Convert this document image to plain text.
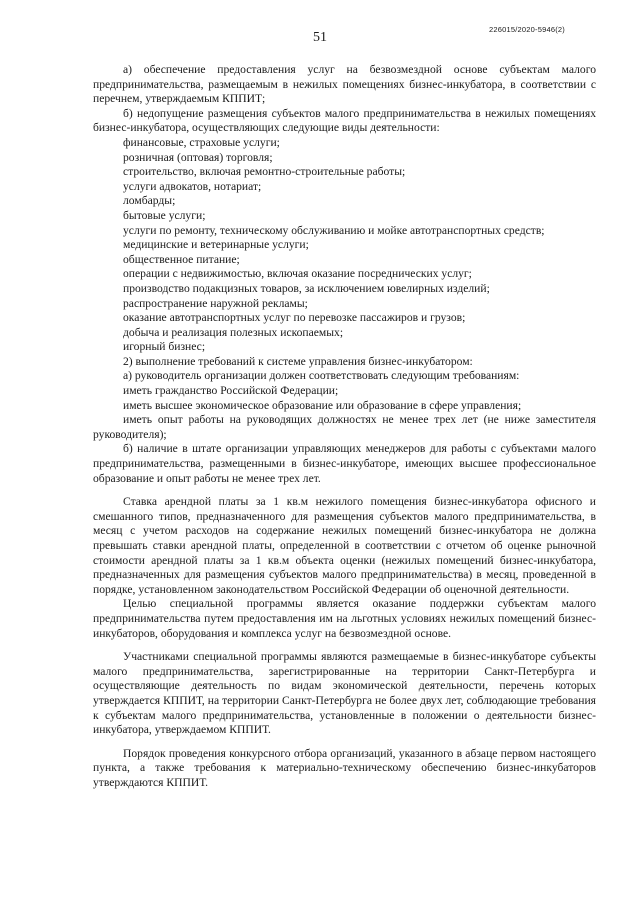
51
226015/2020-5946(2)

а) обеспечение предоставления услуг на безвозмездной основе субъектам малого предпринимательства, размещаемым в нежилых помещениях бизнес-инкубатора, в соответствии с перечнем, утверждаемым КППИТ;

б) недопущение размещения субъектов малого предпринимательства в нежилых помещениях бизнес-инкубатора, осуществляющих следующие виды деятельности:

финансовые, страховые услуги;

розничная (оптовая) торговля;

строительство, включая ремонтно-строительные работы;

услуги адвокатов, нотариат;

ломбарды;

бытовые услуги;

услуги по ремонту, техническому обслуживанию и мойке автотранспортных средств;

медицинские и ветеринарные услуги;

общественное питание;

операции с недвижимостью, включая оказание посреднических услуг;

производство подакцизных товаров, за исключением ювелирных изделий;

распространение наружной рекламы;

оказание автотранспортных услуг по перевозке пассажиров и грузов;

добыча и реализация полезных ископаемых;

игорный бизнес;

2) выполнение требований к системе управления бизнес-инкубатором:

а) руководитель организации должен соответствовать следующим требованиям:

иметь гражданство Российской Федерации;

иметь высшее экономическое образование или образование в сфере управления;

иметь опыт работы на руководящих должностях не менее трех лет (не ниже заместителя руководителя);

б) наличие в штате организации управляющих менеджеров для работы с субъектами малого предпринимательства, размещенными в бизнес-инкубаторе, имеющих высшее профессиональное образование и опыт работы не менее трех лет.

Ставка арендной платы за 1 кв.м нежилого помещения бизнес-инкубатора офисного и смешанного типов, предназначенного для размещения субъектов малого предпринимательства, в месяц с учетом расходов на содержание нежилых помещений бизнес-инкубатора не должна превышать ставки арендной платы, определенной в соответствии с отчетом об оценке рыночной стоимости арендной платы за 1 кв.м объекта оценки (нежилых помещений бизнес-инкубатора, предназначенных для размещения субъектов малого предпринимательства) в месяц, проведенной в порядке, установленном законодательством Российской Федерации об оценочной деятельности.

Целью специальной программы является оказание поддержки субъектам малого предпринимательства путем предоставления им на льготных условиях нежилых помещений бизнес-инкубаторов, оборудования и комплекса услуг на безвозмездной основе.

Участниками специальной программы являются размещаемые в бизнес-инкубаторе субъекты малого предпринимательства, зарегистрированные на территории Санкт-Петербурга и осуществляющие деятельность по видам экономической деятельности, перечень которых утверждается КППИТ, на территории Санкт-Петербурга не более двух лет, соблюдающие требования к субъектам малого предпринимательства, установленные в положении о деятельности бизнес-инкубатора, утверждаемом КППИТ.

Порядок проведения конкурсного отбора организаций, указанного в абзаце первом настоящего пункта, а также требования к материально-техническому обеспечению бизнес-инкубаторов утверждаются КППИТ.
